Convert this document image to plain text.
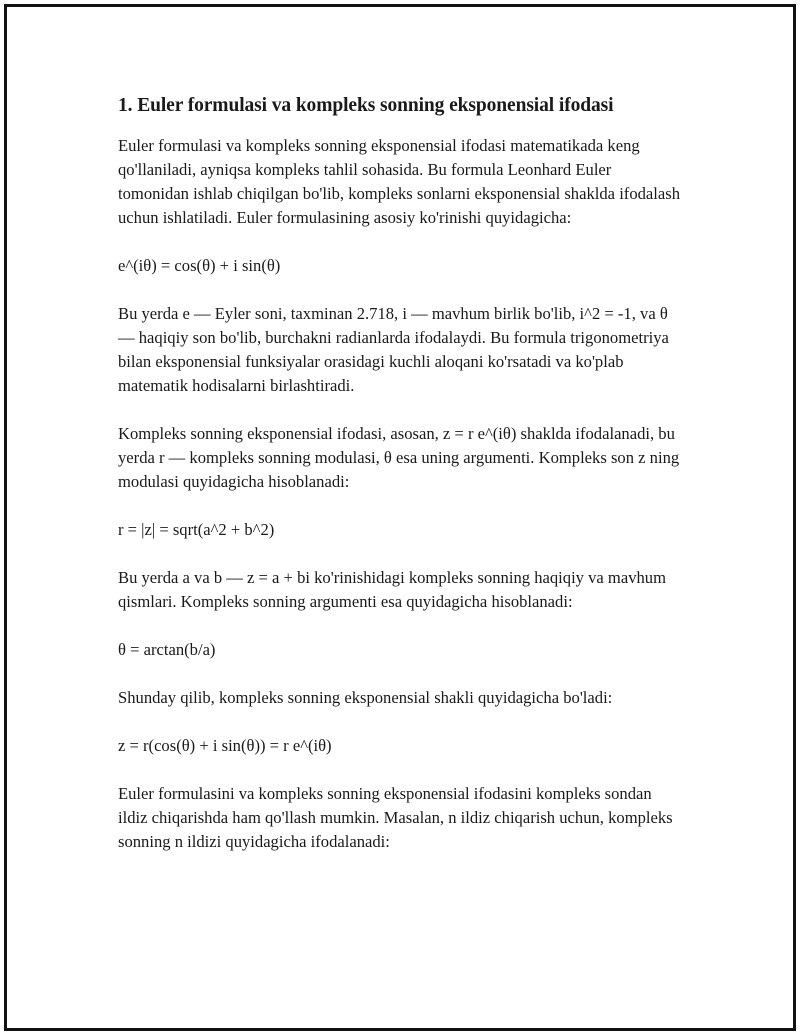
1. Euler formulasi va kompleks sonning eksponensial ifodasi

Euler formulasi va kompleks sonning eksponensial ifodasi matematikada keng qo'llaniladi, ayniqsa kompleks tahlil sohasida. Bu formula Leonhard Euler tomonidan ishlab chiqilgan bo'lib, kompleks sonlarni eksponensial shaklda ifodalash uchun ishlatiladi. Euler formulasining asosiy ko'rinishi quyidagicha:

e^(iθ) = cos(θ) + i sin(θ)

Bu yerda e — Eyler soni, taxminan 2.718, i — mavhum birlik bo'lib, i^2 = -1, va θ — haqiqiy son bo'lib, burchakni radianlarda ifodalaydi. Bu formula trigonometriya bilan eksponensial funksiyalar orasidagi kuchli aloqani ko'rsatadi va ko'plab matematik hodisalarni birlashtiradi.

Kompleks sonning eksponensial ifodasi, asosan, z = r e^(iθ) shaklda ifodalanadi, bu yerda r — kompleks sonning modulasi, θ esa uning argumenti. Kompleks son z ning modulasi quyidagicha hisoblanadi:

r = |z| = sqrt(a^2 + b^2)

Bu yerda a va b — z = a + bi ko'rinishidagi kompleks sonning haqiqiy va mavhum qismlari. Kompleks sonning argumenti esa quyidagicha hisoblanadi:

θ = arctan(b/a)

Shunday qilib, kompleks sonning eksponensial shakli quyidagicha bo'ladi:

z = r(cos(θ) + i sin(θ)) = r e^(iθ)

Euler formulasini va kompleks sonning eksponensial ifodasini kompleks sondan ildiz chiqarishda ham qo'llash mumkin. Masalan, n ildiz chiqarish uchun, kompleks sonning n ildizi quyidagicha ifodalanadi:
